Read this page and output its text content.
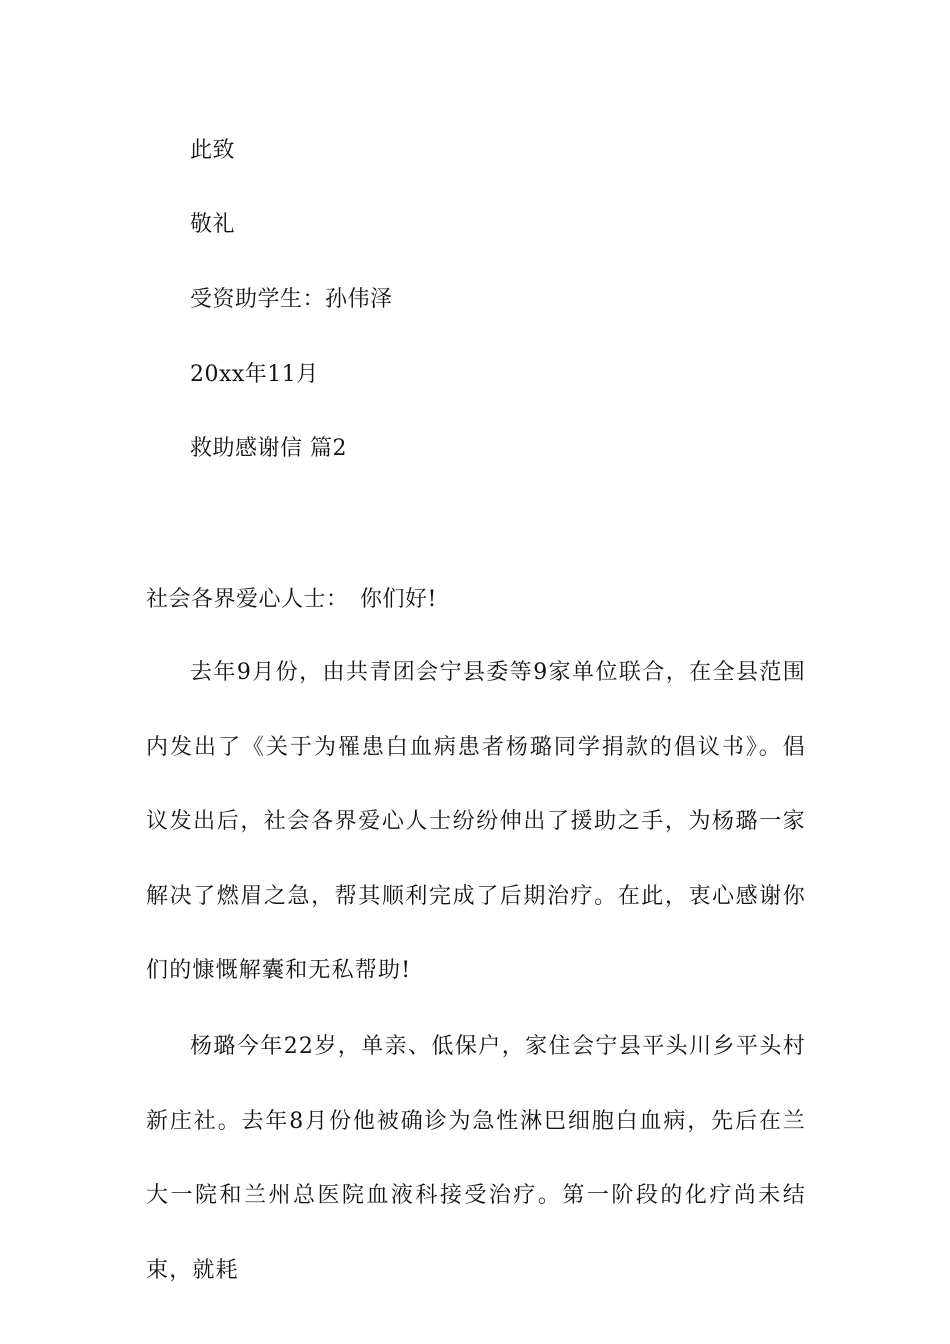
此致
敬礼
受资助学生：孙伟泽
20xx年11月
救助感谢信 篇2
社会各界爱心人士：　你们好!
去年9月份，由共青团会宁县委等9家单位联合，在全县范围内发出了《关于为罹患白血病患者杨璐同学捐款的倡议书》。倡议发出后，社会各界爱心人士纷纷伸出了援助之手，为杨璐一家解决了燃眉之急，帮其顺利完成了后期治疗。在此，衷心感谢你们的慷慨解囊和无私帮助!
杨璐今年22岁，单亲、低保户，家住会宁县平头川乡平头村新庄社。去年8月份他被确诊为急性淋巴细胞白血病，先后在兰大一院和兰州总医院血液科接受治疗。第一阶段的化疗尚未结束，就耗
